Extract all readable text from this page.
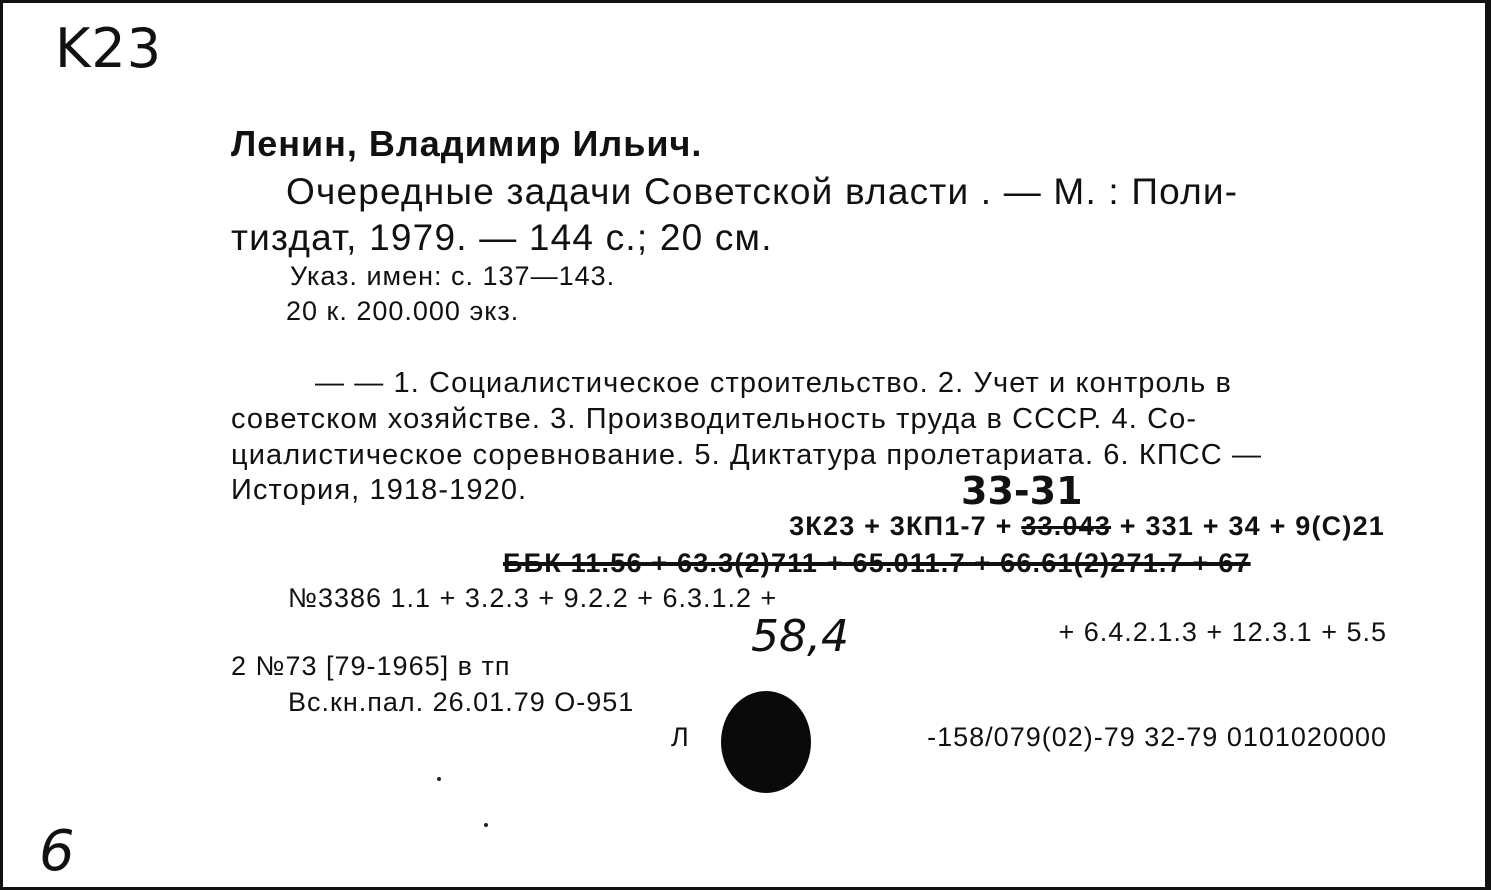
K23
Ленин, Владимир Ильич.
Очередные задачи Советской власти . — М. : Поли-
тиздат, 1979. — 144 с.; 20 см.
Указ. имен: с. 137—143.
20 к. 200.000 экз.
— — 1. Социалистическое строительство. 2. Учет и контроль в
советском хозяйстве. 3. Производительность труда в СССР. 4. Со-
циалистическое соревнование. 5. Диктатура пролетариата. 6. КПСС —
История, 1918-1920.	33-31
3К23 + 3КП1-7 + 33.043 + 331 + 34 + 9(С)21
ББК 11.56 + 63.3(2)711 + 65.011.7 + 66.61(2)271.7 + 67
№3386 1.1 + 3.2.3 + 9.2.2 + 6.3.1.2 +
+ 6.4.2.1.3 + 12.3.1 + 5.5
58,4
2 №73 [79-1965] в тп
Вс.кн.пал. 26.01.79 О-951
Л	-158/079(02)-79 32-79 0101020000
6
